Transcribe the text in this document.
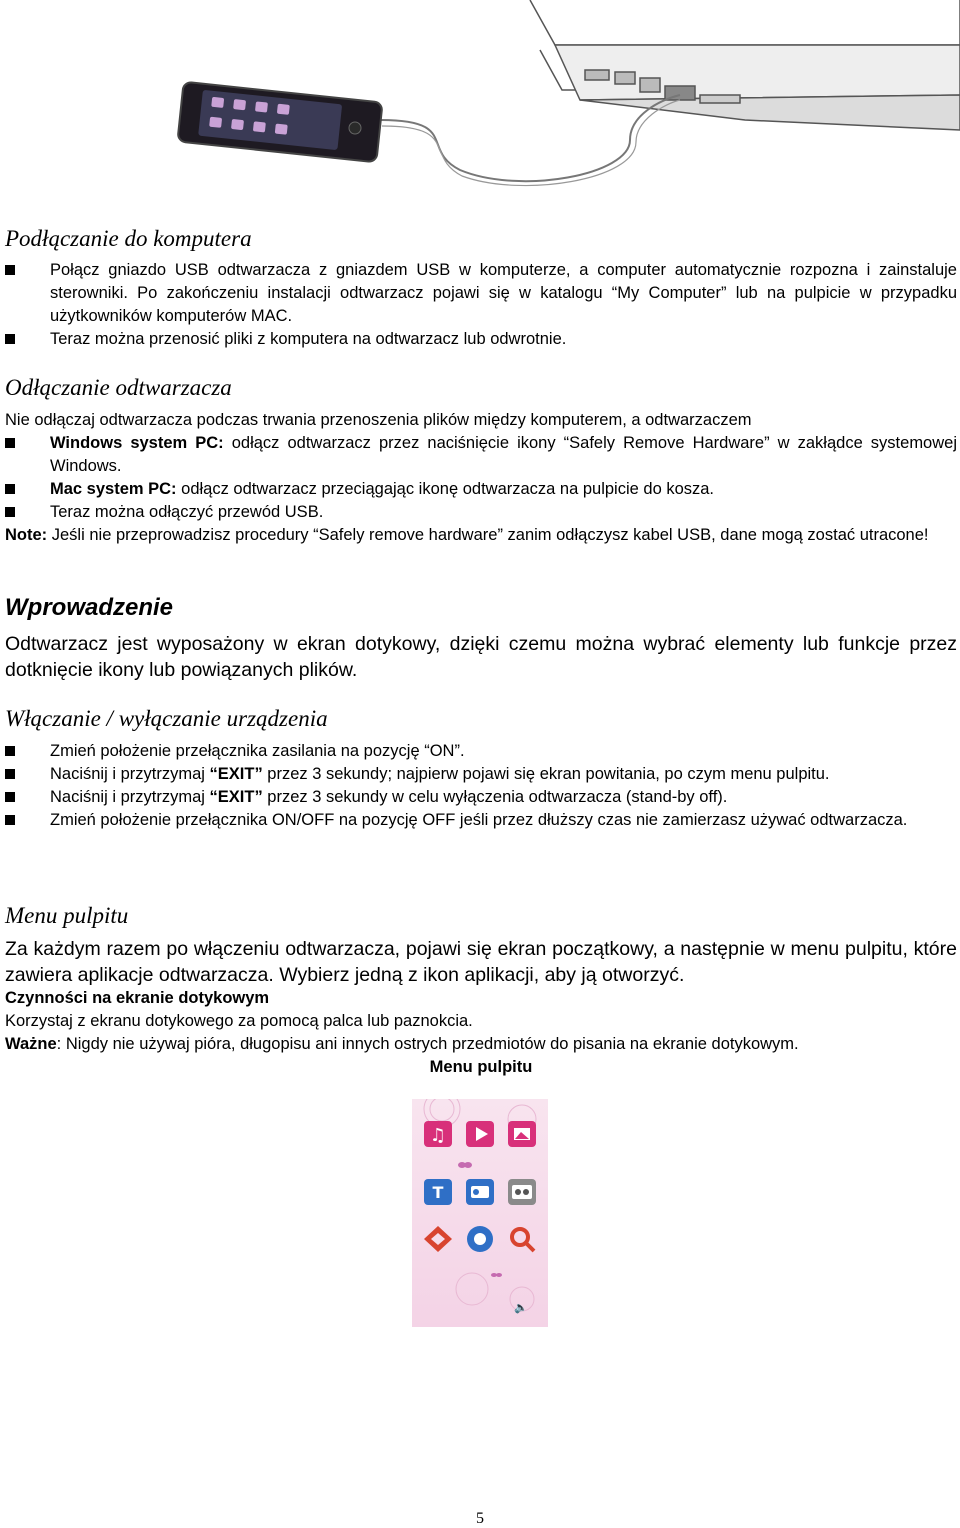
Podłączanie do komputera
Połącz gniazdo USB odtwarzacza z gniazdem USB w komputerze, a computer automatycznie rozpozna i zainstaluje sterowniki. Po zakończeniu instalacji odtwarzacz pojawi się w katalogu “My Computer” lub na pulpicie w przypadku użytkowników komputerów MAC.
Teraz można przenosić pliki z komputera na odtwarzacz lub odwrotnie.
Odłączanie odtwarzacza
Nie odłączaj odtwarzacza podczas trwania przenoszenia plików między komputerem, a odtwarzaczem
Windows system PC: odłącz odtwarzacz przez naciśnięcie ikony “Safely Remove Hardware” w zakłądce systemowej Windows.
Mac system PC: odłącz odtwarzacz przeciągając ikonę odtwarzacza na pulpicie do kosza.
Teraz można odłączyć przewód USB.
Note: Jeśli nie przeprowadzisz procedury “Safely remove hardware” zanim odłączysz kabel USB, dane mogą zostać utracone!
Wprowadzenie
Odtwarzacz jest wyposażony w ekran dotykowy, dzięki czemu można wybrać elementy lub funkcje przez dotknięcie ikony lub powiązanych plików.
Włączanie / wyłączanie urządzenia
Zmień położenie przełącznika zasilania na pozycję “ON”.
Naciśnij i przytrzymaj “EXIT” przez 3 sekundy; najpierw pojawi się ekran powitania, po czym menu pulpitu.
Naciśnij i przytrzymaj “EXIT” przez 3 sekundy w celu wyłączenia odtwarzacza (stand-by off).
Zmień położenie przełącznika ON/OFF na pozycję OFF jeśli przez dłuższy czas nie zamierzasz używać odtwarzacza.
Menu pulpitu
Za każdym razem po włączeniu odtwarzacza, pojawi się ekran początkowy, a następnie w menu pulpitu, które zawiera aplikacje odtwarzacza. Wybierz jedną z ikon aplikacji, aby ją otworzyć.
Czynności na ekranie dotykowym
Korzystaj z ekranu dotykowego za pomocą palca lub paznokcia.
Ważne: Nigdy nie używaj pióra, długopisu ani innych ostrych przedmiotów do pisania na ekranie dotykowym.
Menu pulpitu
♫
T
🔈
5
